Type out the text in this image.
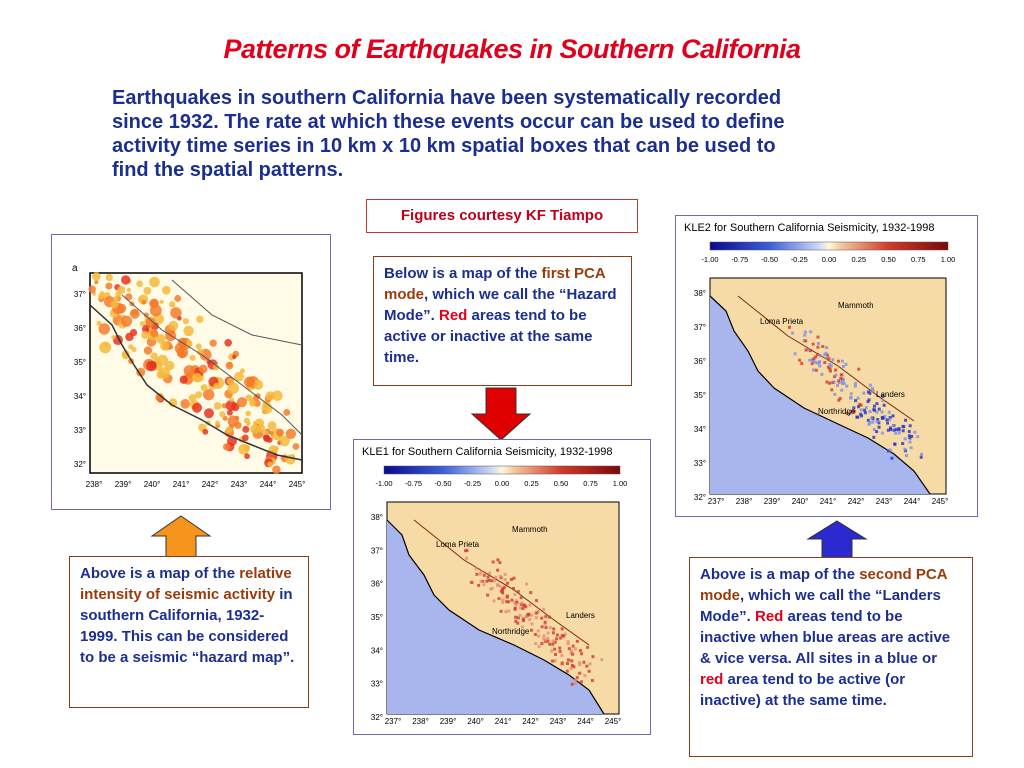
Patterns of Earthquakes in Southern California
Earthquakes in southern California have been systematically recorded
since 1932. The rate at which these events occur can be used to define
activity time series in 10 km x 10 km spatial boxes that can be used to
find the spatial patterns.
Figures courtesy KF Tiampo
a
37°
36°
35°
34°
33°
32°
238° 239° 240° 241° 242° 243° 244° 245°
Above is a map of the relative intensity of seismic activity in southern California, 1932-1999. This can be considered to be a seismic “hazard map”.
Below is a map of the first PCA mode, which we call the “Hazard Mode”. Red areas tend to be active or inactive at the same time.
KLE1 for Southern California Seismicity, 1932-1998
-1.00 -0.75 -0.50 -0.25 0.00 0.25 0.50 0.75 1.00
Mammoth
Loma Prieta
Landers
Northridge
38°
37°
36°
35°
34°
33°
32° 237° 238° 239° 240° 241° 242° 243° 244° 245°
KLE2 for Southern California Seismicity, 1932-1998
-1.00 -0.75 -0.50 -0.25 0.00 0.25 0.50 0.75 1.00
Mammoth
Loma Prieta
Landers
Northridge
38°
37°
36°
35°
34°
33°
32° 237° 238° 239° 240° 241° 242° 243° 244° 245°
Above is a map of the second PCA mode, which we call the “Landers Mode”. Red areas tend to be inactive when blue areas are active & vice versa. All sites in a blue or red area tend to be active (or inactive) at the same time.
